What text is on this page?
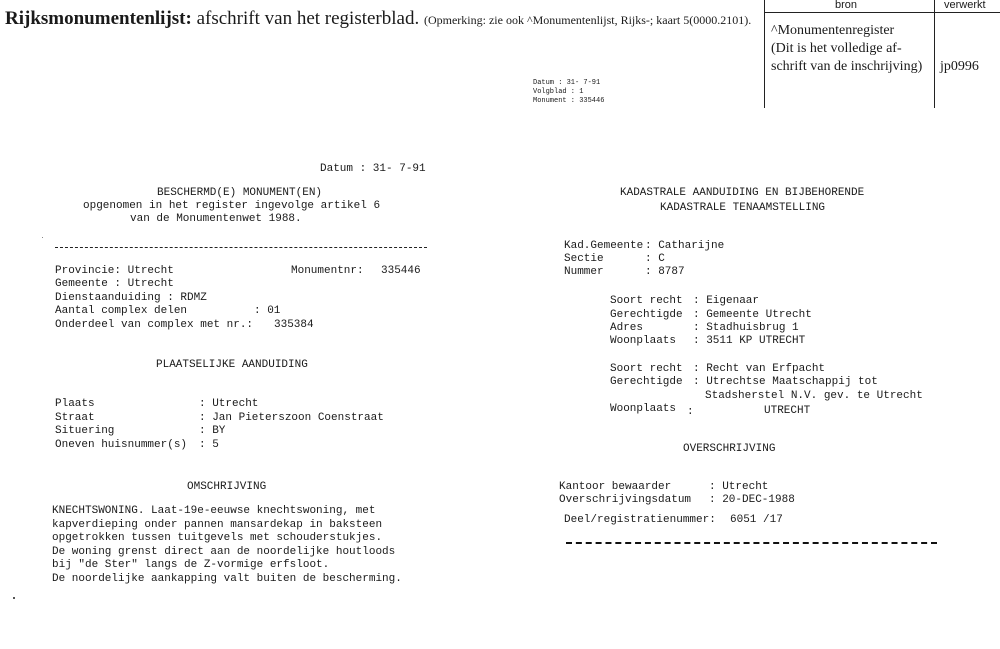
Rijksmonumentenlijst: afschrift van het registerblad. (Opmerking: zie ook ^Monumentenlijst, Rijks-; kaart 5(0000.2101).
bron	verwerkt
^Monumentenregister
(Dit is het volledige af-
schrift van de inschrijving) jp0996
Datum : 31- 7-91
Volgblad : 1
Monument : 335446
Datum : 31- 7-91
BESCHERMD(E) MONUMENT(EN)
opgenomen in het register ingevolge artikel 6
van de Monumentenwet 1988.
Provincie: Utrecht	Monumentnr: 335446
Gemeente : Utrecht
Dienstaanduiding : RDMZ
Aantal complex delen	: 01
Onderdeel van complex met nr.: 335384
PLAATSELIJKE AANDUIDING
Plaats	: Utrecht
Straat	: Jan Pieterszoon Coenstraat
Situering	: BY
Oneven huisnummer(s) : 5
OMSCHRIJVING
KNECHTSWONING. Laat-19e-eeuwse knechtswoning, met
kapverdieping onder pannen mansardekap in baksteen
opgetrokken tussen tuitgevels met schouderstukjes.
De woning grenst direct aan de noordelijke houtloods
bij "de Ster" langs de Z-vormige erfsloot.
De noordelijke aankapping valt buiten de bescherming.
KADASTRALE AANDUIDING EN BIJBEHORENDE
KADASTRALE TENAAMSTELLING
Kad.Gemeente : Catharijne
Sectie	: C
Nummer	: 8787
Soort recht : Eigenaar
Gerechtigde : Gemeente Utrecht
Adres	: Stadhuisbrug 1
Woonplaats : 3511 KP UTRECHT
Soort recht : Recht van Erfpacht
Gerechtigde : Utrechtse Maatschappij tot
Stadsherstel N.V. gev. te Utrecht
Woonplaats :	UTRECHT
OVERSCHRIJVING
Kantoor bewaarder	: Utrecht
Overschrijvingsdatum : 20-DEC-1988
Deel/registratienummer: 6051 /17
